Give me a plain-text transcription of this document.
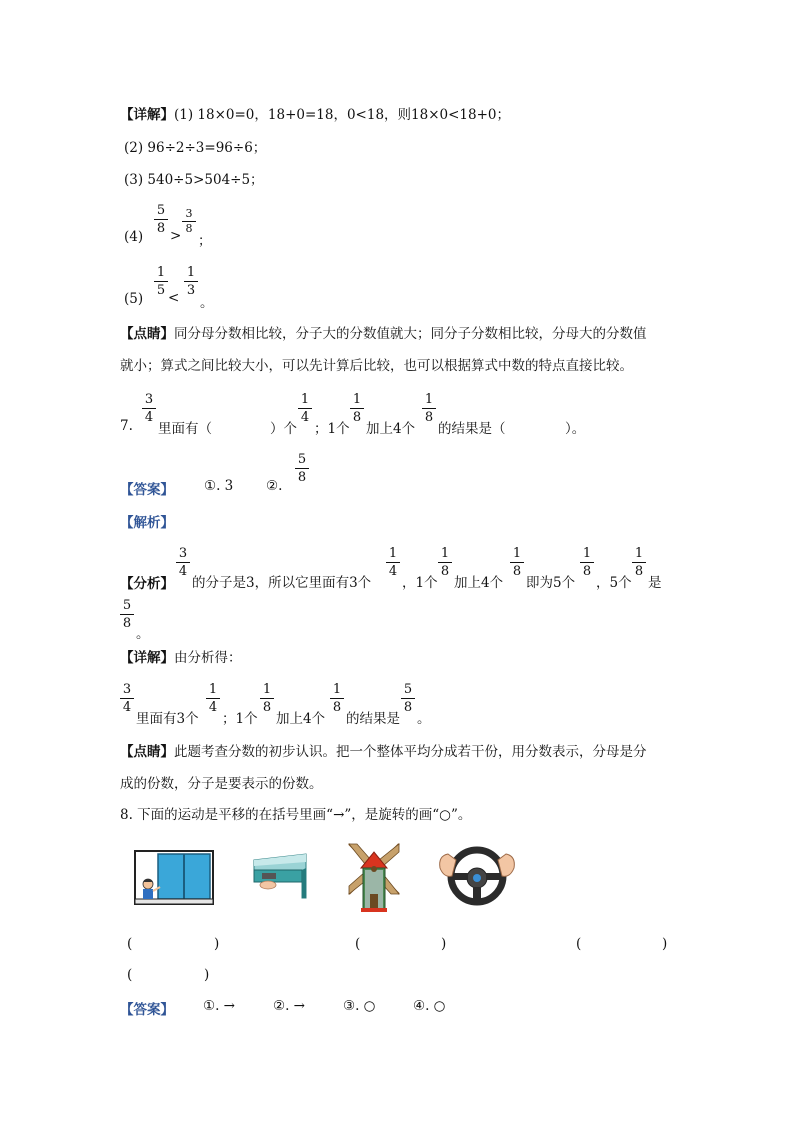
【详解】(1) 18×0=0，18+0=18，0<18，则18×0<18+0；
(2) 96÷2÷3=96÷6；
(3) 540÷5>504÷5；
(4)
5
8 >
3
8
；
(5)
1
5 <
1
3
。
【点睛】同分母分数相比较，分子大的分数值就大；同分子分数相比较，分母大的分数值
就小；算式之间比较大小，可以先计算后比较，也可以根据算式中数的特点直接比较。
7.
3
4
里面有（	）个
1
4
；1个
1
8
加上4个
1
8
的结果是（	）。
【答案】 ①. 3 ②.
5
8
【解析】
【分析】
3
4
的分子是3，所以它里面有3个
1
4
，1个
1
8
加上4个
1
8
即为5个
1
8
，5个
1
8
是
5
8
。
【详解】由分析得：
3
4
里面有3个
1
4
；1个
1
8
加上4个
1
8
的结果是
5
8
。
【点睛】此题考查分数的初步认识。把一个整体平均分成若干份，用分数表示，分母是分
成的份数，分子是要表示的份数。
8. 下面的运动是平移的在括号里画“→”，是旋转的画“○”。
(	)	(	)	(	)
(	)
【答案】 ①. →	②. →	③. ○	④. ○
